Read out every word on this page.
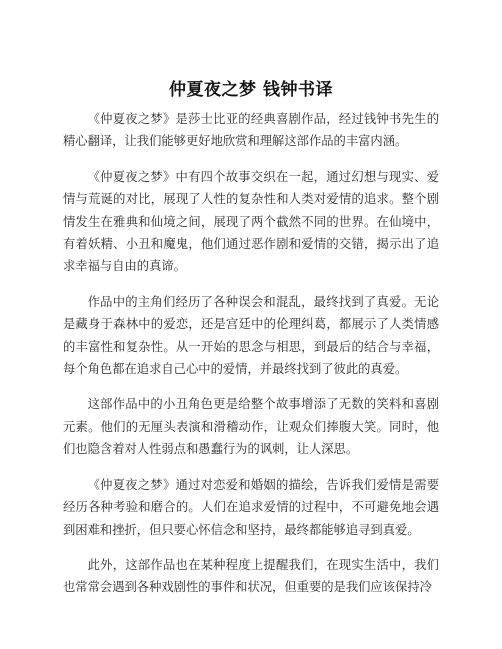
仲夏夜之梦 钱钟书译

《仲夏夜之梦》是莎士比亚的经典喜剧作品，经过钱钟书先生的精心翻译，让我们能够更好地欣赏和理解这部作品的丰富内涵。

《仲夏夜之梦》中有四个故事交织在一起，通过幻想与现实、爱情与荒诞的对比，展现了人性的复杂性和人类对爱情的追求。整个剧情发生在雅典和仙境之间，展现了两个截然不同的世界。在仙境中，有着妖精、小丑和魔鬼，他们通过恶作剧和爱情的交错，揭示出了追求幸福与自由的真谛。

作品中的主角们经历了各种误会和混乱，最终找到了真爱。无论是藏身于森林中的爱恋，还是宫廷中的伦理纠葛，都展示了人类情感的丰富性和复杂性。从一开始的思念与相思，到最后的结合与幸福，每个角色都在追求自己心中的爱情，并最终找到了彼此的真爱。

这部作品中的小丑角色更是给整个故事增添了无数的笑料和喜剧元素。他们的无厘头表演和滑稽动作，让观众们捧腹大笑。同时，他们也隐含着对人性弱点和愚蠢行为的讽刺，让人深思。

《仲夏夜之梦》通过对恋爱和婚姻的描绘，告诉我们爱情是需要经历各种考验和磨合的。人们在追求爱情的过程中，不可避免地会遇到困难和挫折，但只要心怀信念和坚持，最终都能够追寻到真爱。

此外，这部作品也在某种程度上提醒我们，在现实生活中，我们也常常会遇到各种戏剧性的事件和状况，但重要的是我们应该保持冷
